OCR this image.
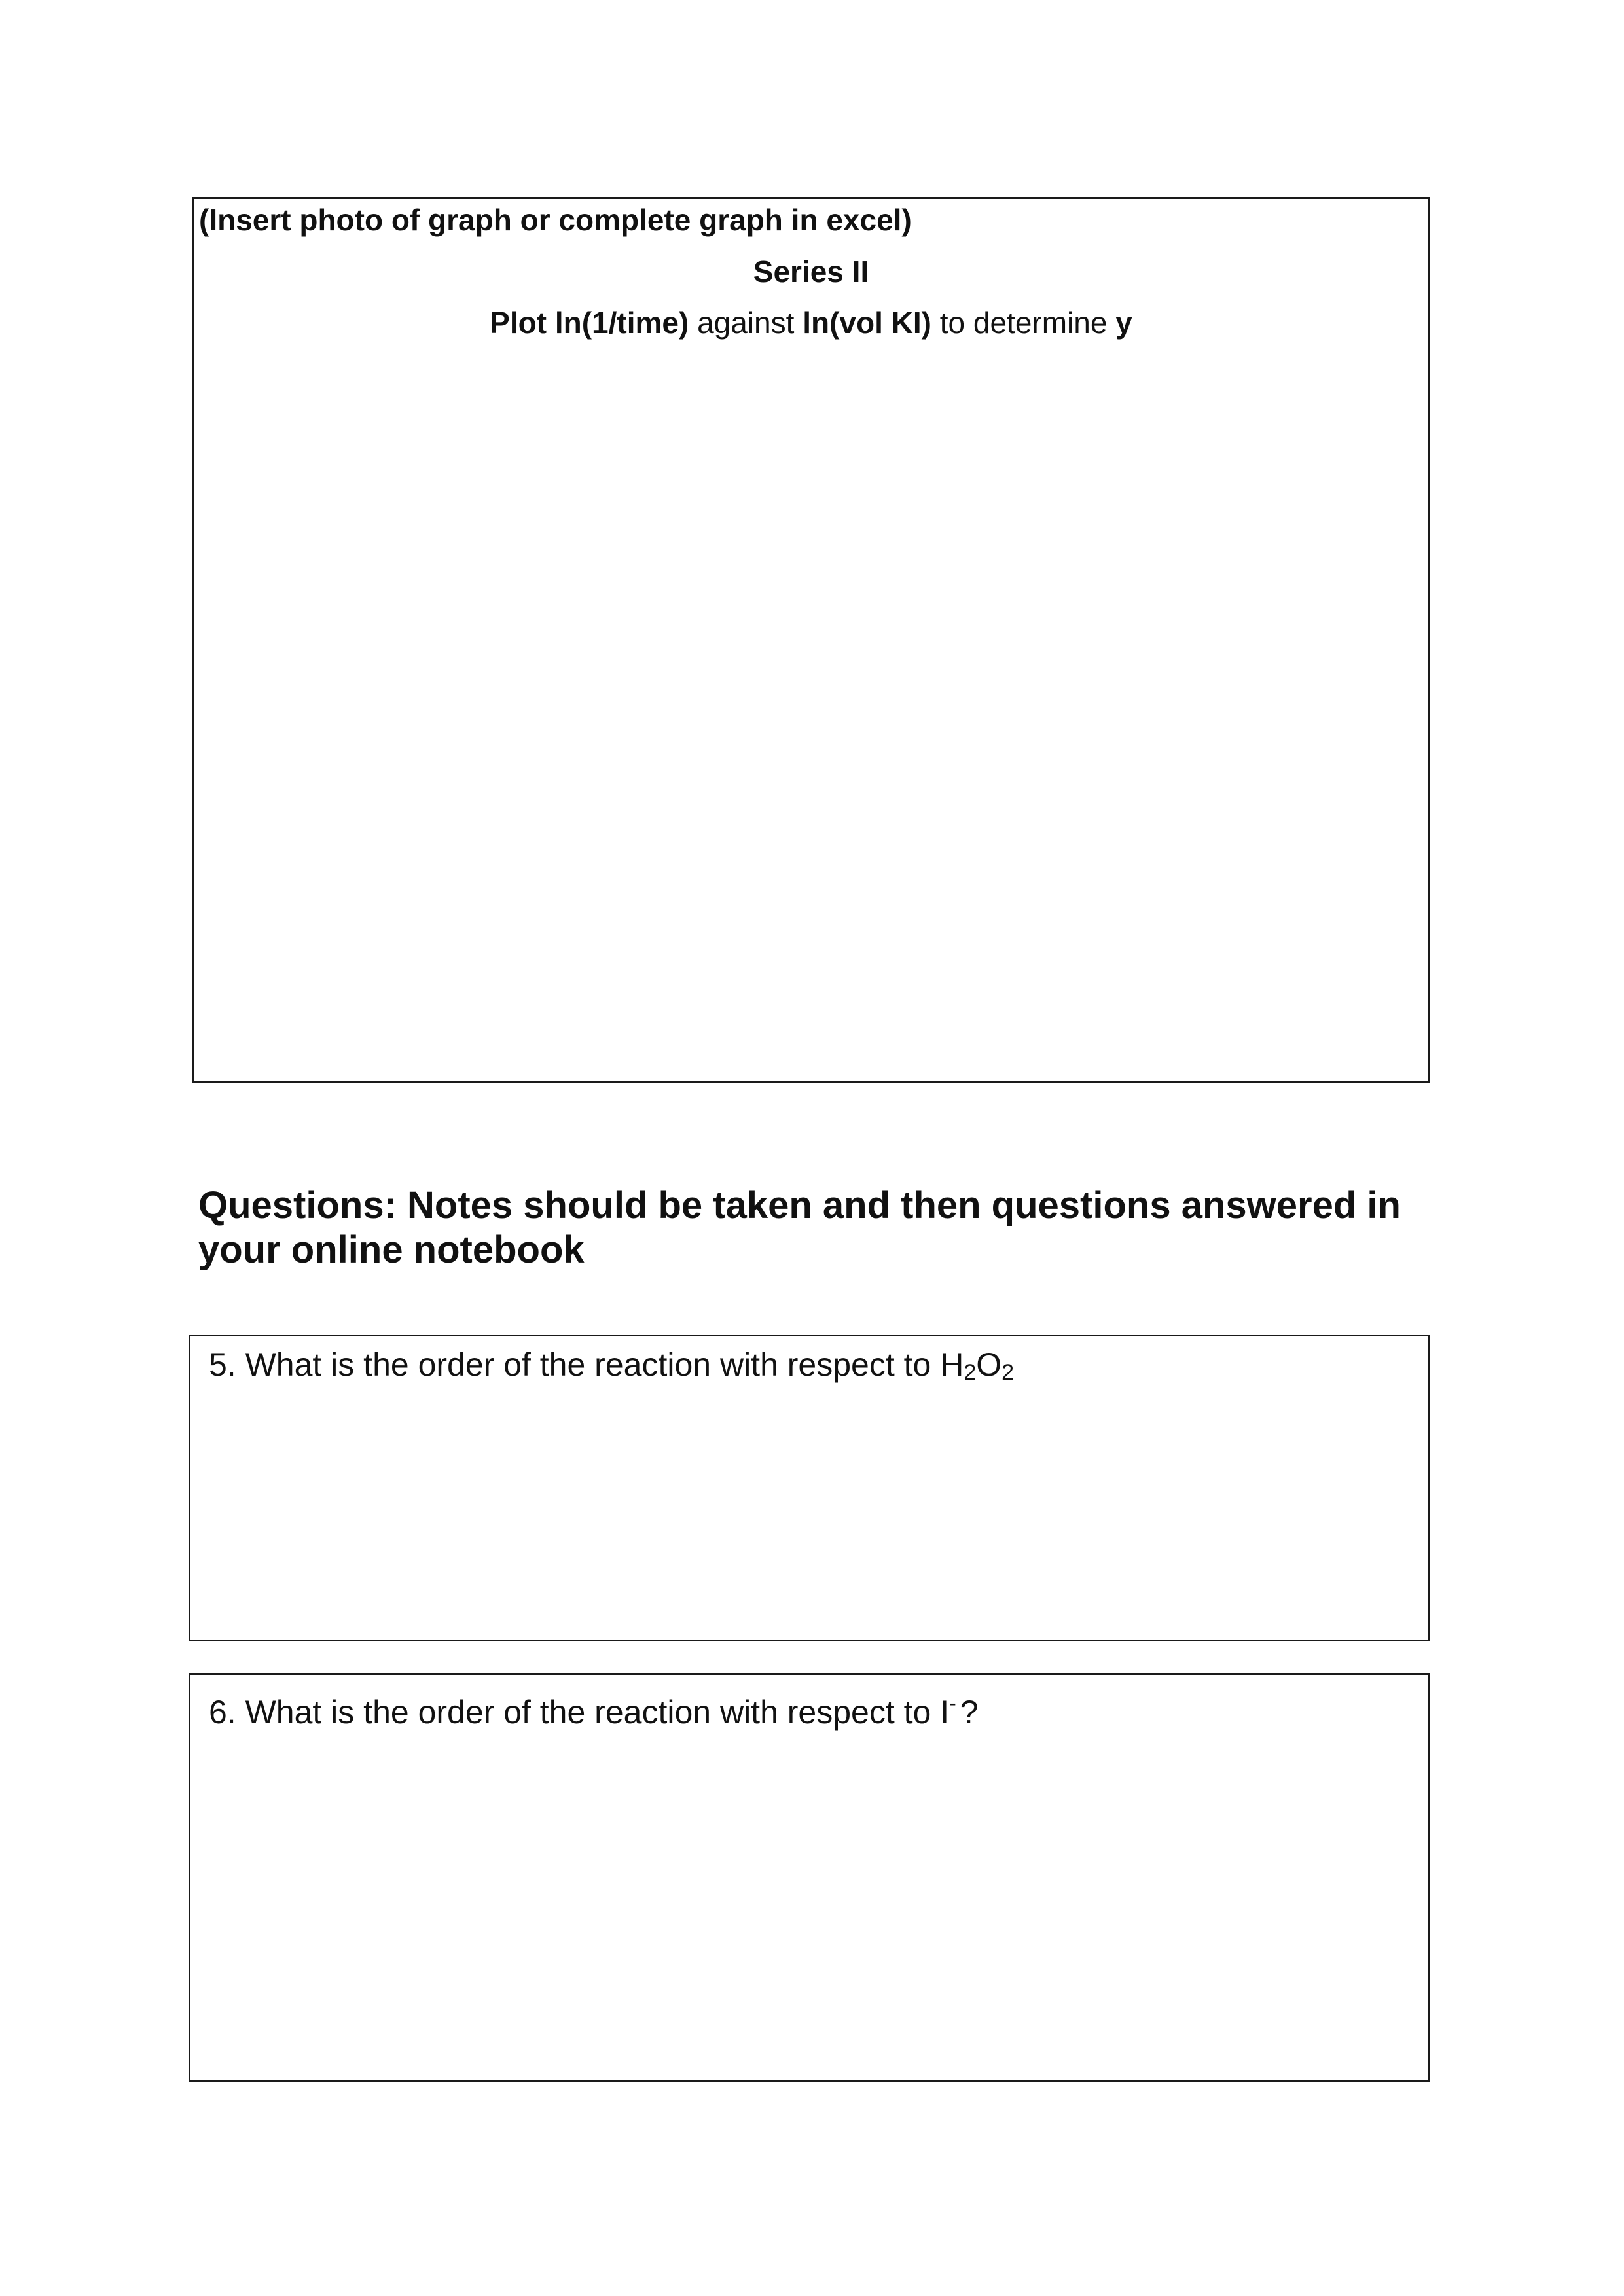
(Insert photo of graph or complete graph in excel)
Series II
Plot ln(1/time) against ln(vol KI) to determine y
Questions: Notes should be taken and then questions answered in your online notebook
5. What is the order of the reaction with respect to H2O2
6. What is the order of the reaction with respect to I- ?
